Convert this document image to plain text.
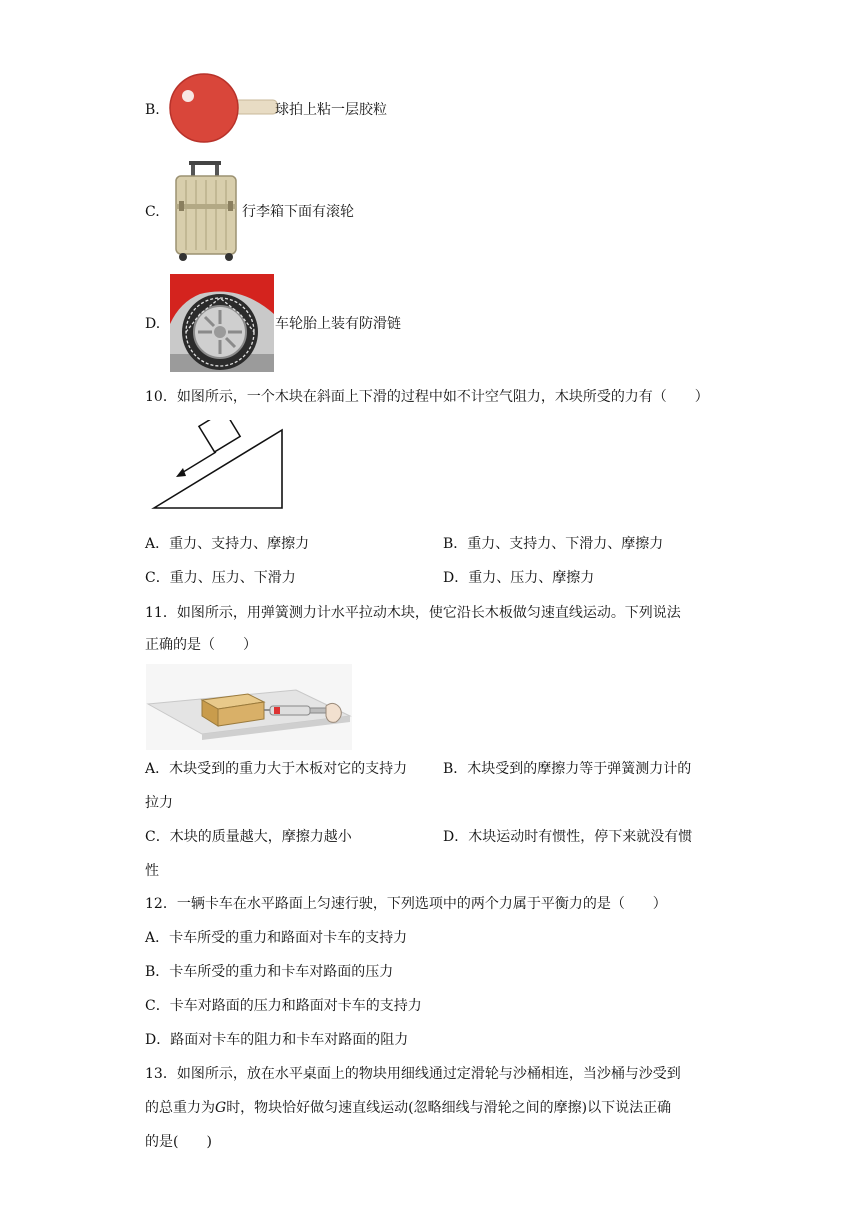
B.	球拍上粘一层胶粒
C.	行李箱下面有滚轮
D.	车轮胎上装有防滑链
10．如图所示，一个木块在斜面上下滑的过程中如不计空气阻力，木块所受的力有（　　）
A．重力、支持力、摩擦力	B．重力、支持力、下滑力、摩擦力
C．重力、压力、下滑力	D．重力、压力、摩擦力
11．如图所示，用弹簧测力计水平拉动木块，使它沿长木板做匀速直线运动。下列说法
正确的是（　　）
A．木块受到的重力大于木板对它的支持力	B．木块受到的摩擦力等于弹簧测力计的
拉力
C．木块的质量越大，摩擦力越小	D．木块运动时有惯性，停下来就没有惯
性
12．一辆卡车在水平路面上匀速行驶，下列选项中的两个力属于平衡力的是（　　）
A．卡车所受的重力和路面对卡车的支持力
B．卡车所受的重力和卡车对路面的压力
C．卡车对路面的压力和路面对卡车的支持力
D．路面对卡车的阻力和卡车对路面的阻力
13．如图所示，放在水平桌面上的物块用细线通过定滑轮与沙桶相连，当沙桶与沙受到
的总重力为G时，物块恰好做匀速直线运动(忽略细线与滑轮之间的摩擦)以下说法正确
的是(　　)
